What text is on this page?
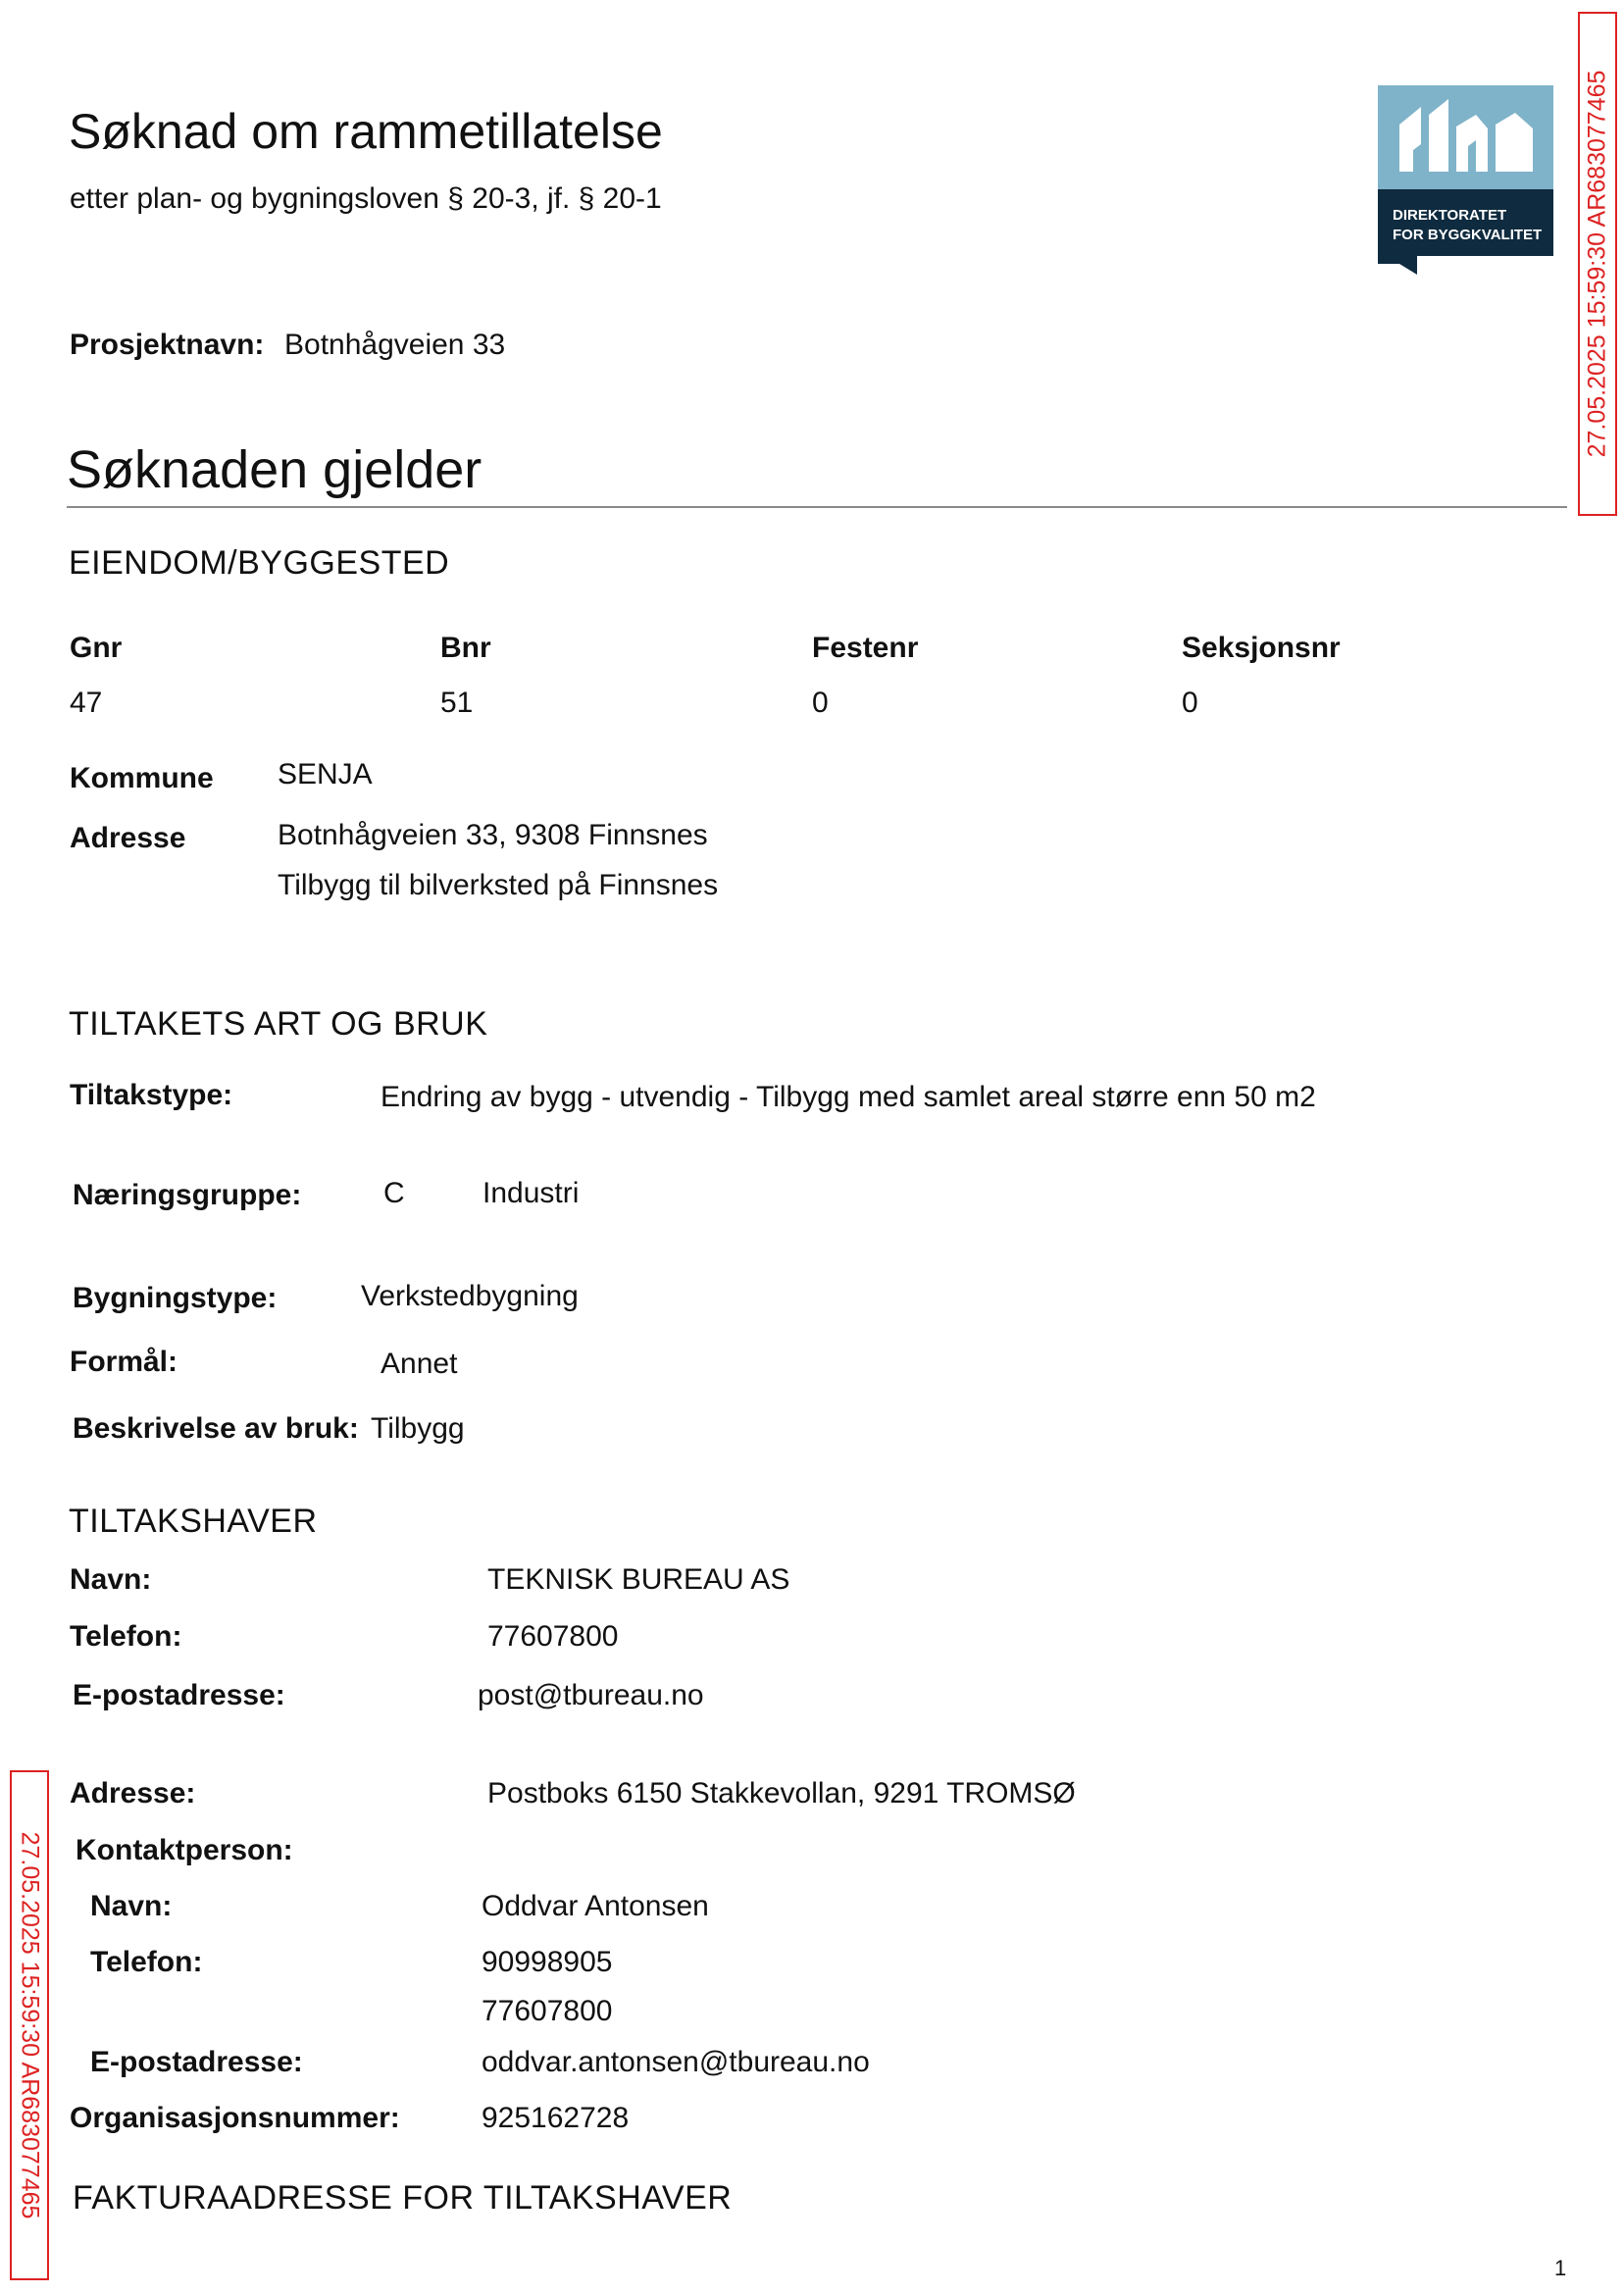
Søknad om rammetillatelse
etter plan- og bygningsloven § 20-3, jf. § 20-1
DIREKTORATET
FOR BYGGKVALITET 27.05.2025 15:59:30 AR683077465
27.05.2025 15:59:30 AR683077465
Prosjektnavn: Botnhågveien 33
Søknaden gjelder
EIENDOM/BYGGESTED
Gnr	Bnr	Festenr	Seksjonsnr
47	51	0	0
Kommune SENJA
Adresse	Botnhågveien 33, 9308 Finnsnes
Tilbygg til bilverksted på Finnsnes
TILTAKETS ART OG BRUK
Tiltakstype:	Endring av bygg - utvendig - Tilbygg med samlet areal større enn 50 m2
Næringsgruppe:	C	Industri
Bygningstype:	Verkstedbygning
Formål:	Annet
Beskrivelse av bruk: Tilbygg
TILTAKSHAVER
Navn:	TEKNISK BUREAU AS
Telefon:	77607800
E-postadresse:	post@tbureau.no
Adresse:	Postboks 6150 Stakkevollan, 9291 TROMSØ
Kontaktperson:
Navn:	Oddvar Antonsen
Telefon:	90998905
77607800
E-postadresse:	oddvar.antonsen@tbureau.no
Organisasjonsnummer:	925162728
FAKTURAADRESSE FOR TILTAKSHAVER
1
